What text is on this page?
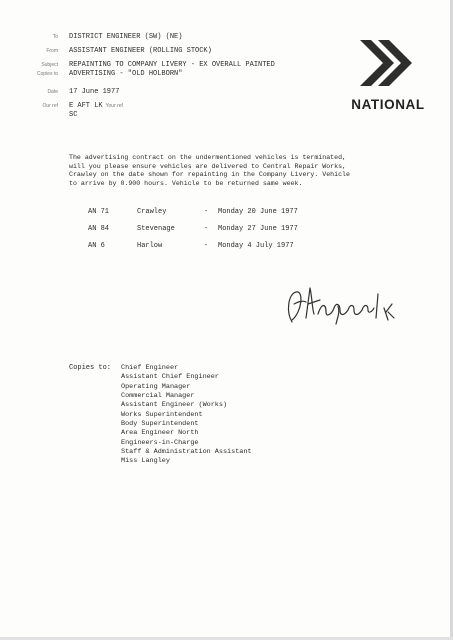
To DISTRICT ENGINEER (SW) (NE)
From ASSISTANT ENGINEER (ROLLING STOCK)
Subject REPAINTING TO COMPANY LIVERY - EX OVERALL PAINTED
Copies to ADVERTISING - "OLD HOLBORN"
Date 17 June 1977
Our ref E AFT LK Your ref
SC
NATIONAL
The advertising contract on the undermentioned vehicles is terminated,
will you please ensure vehicles are delivered to Central Repair Works,
Crawley on the date shown for repainting in the Company Livery. Vehicle
to arrive by 0.900 hours. Vehicle to be returned same week.
AN 71	Crawley	- Monday 20 June 1977
AN 84	Stevenage	- Monday 27 June 1977
AN 6	Harlow	- Monday 4 July 1977
Copies to: Chief Engineer
Assistant Chief Engineer
Operating Manager
Commercial Manager
Assistant Engineer (Works)
Works Superintendent
Body Superintendent
Area Engineer North
Engineers-in-Charge
Staff & Administration Assistant
Miss Langley
